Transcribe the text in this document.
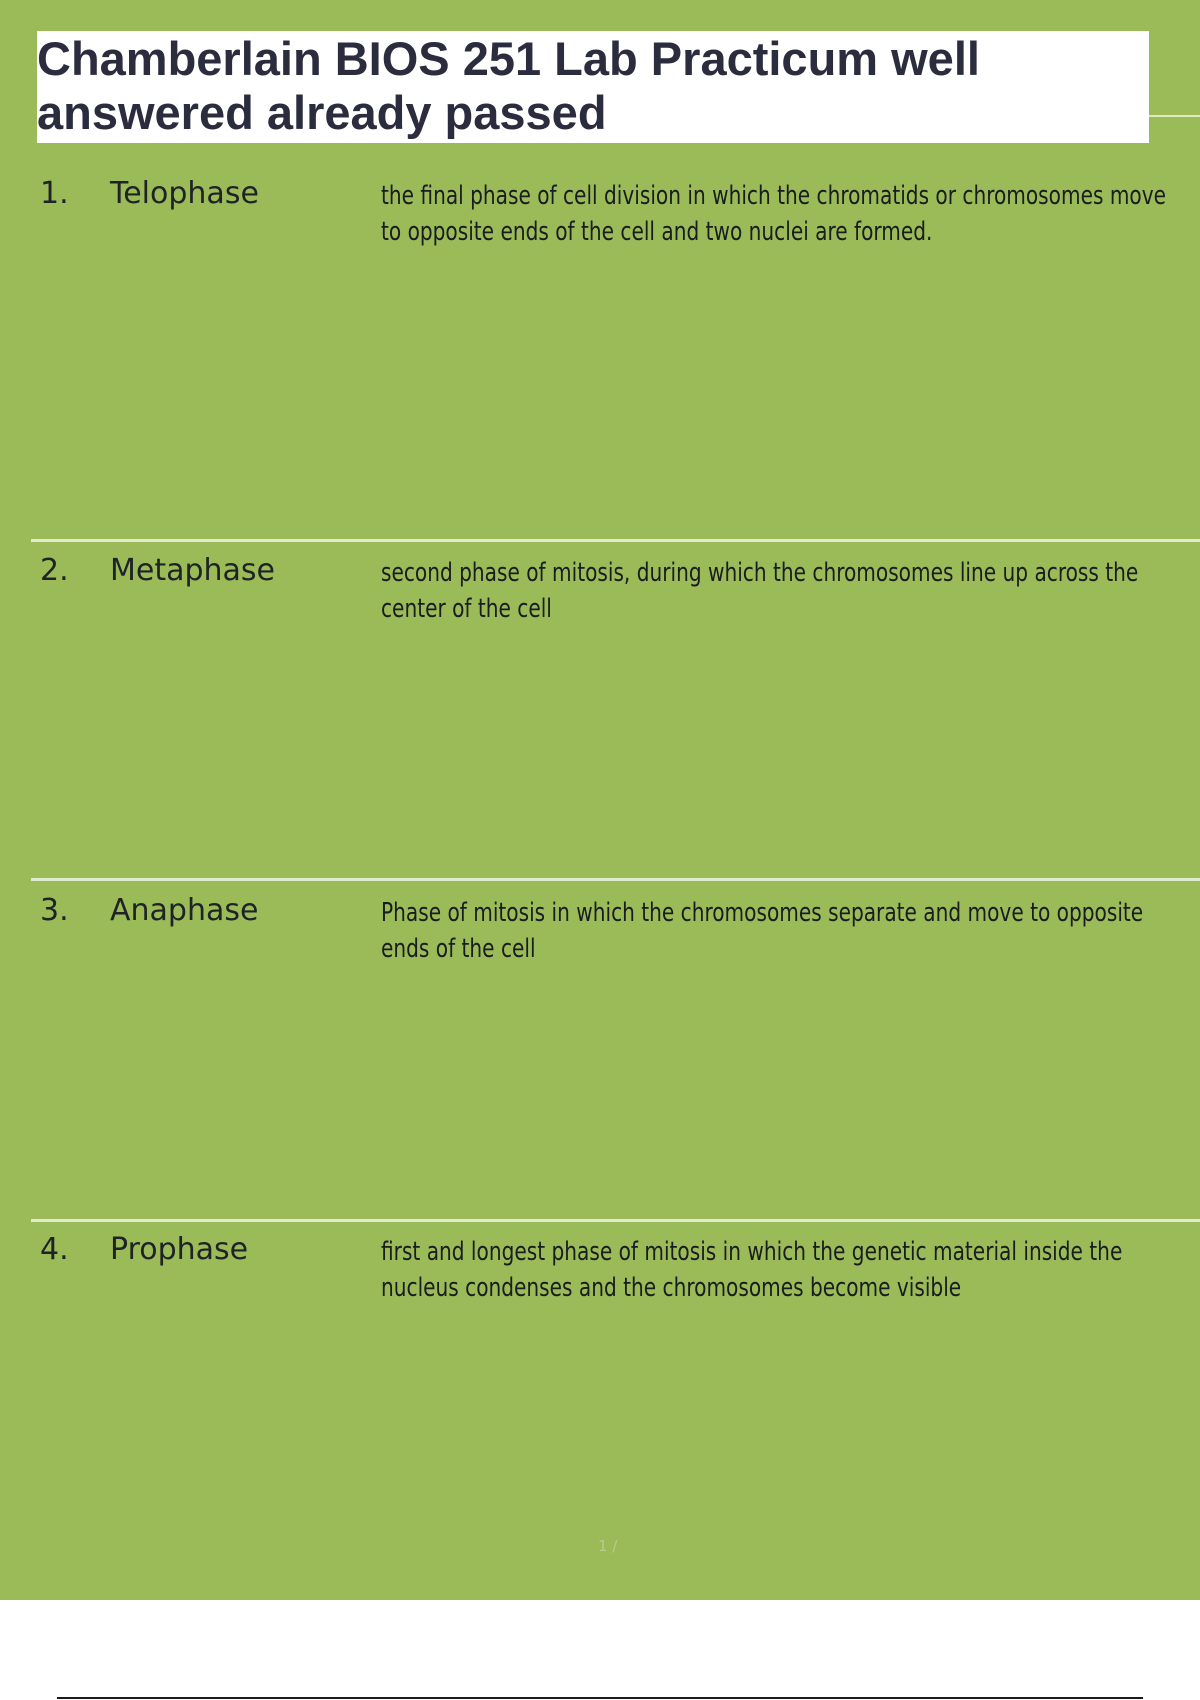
Chamberlain BIOS 251 Lab Practicum well answered already passed
1. Telophase	the final phase of cell division in which the chromatids or chromosomes move to opposite ends of the cell and two nuclei are formed.
2. Metaphase	second phase of mitosis, during which the chromosomes line up across the center of the cell
3. Anaphase	Phase of mitosis in which the chromosomes separate and move to opposite ends of the cell
4. Prophase	first and longest phase of mitosis in which the genetic material inside the nucleus condenses and the chromosomes become visible
1 /
